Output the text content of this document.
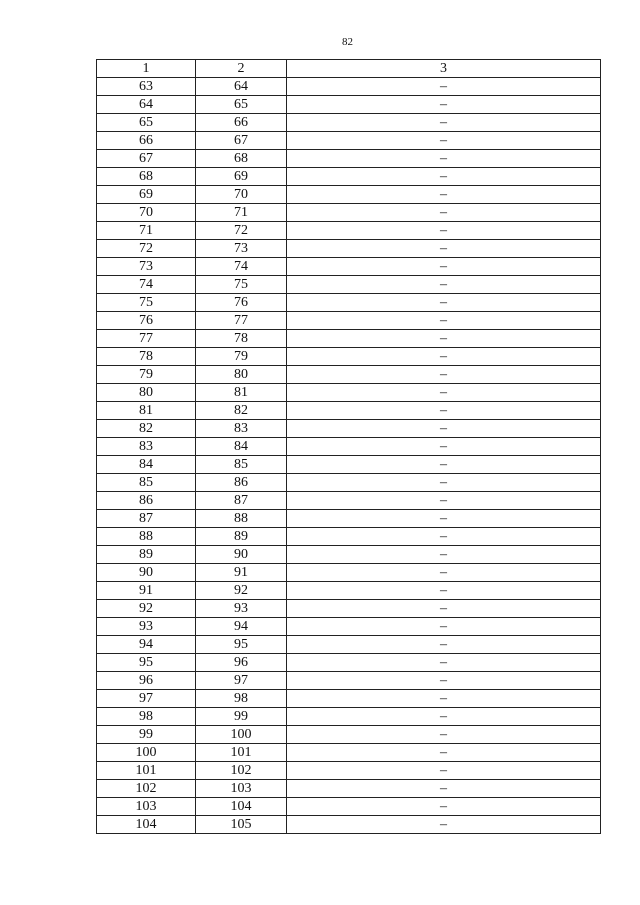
82
1	2	3
63	64	–
64	65	–
65	66	–
66	67	–
67	68	–
68	69	–
69	70	–
70	71	–
71	72	–
72	73	–
73	74	–
74	75	–
75	76	–
76	77	–
77	78	–
78	79	–
79	80	–
80	81	–
81	82	–
82	83	–
83	84	–
84	85	–
85	86	–
86	87	–
87	88	–
88	89	–
89	90	–
90	91	–
91	92	–
92	93	–
93	94	–
94	95	–
95	96	–
96	97	–
97	98	–
98	99	–
99	100	–
100	101	–
101	102	–
102	103	–
103	104	–
104	105	–
